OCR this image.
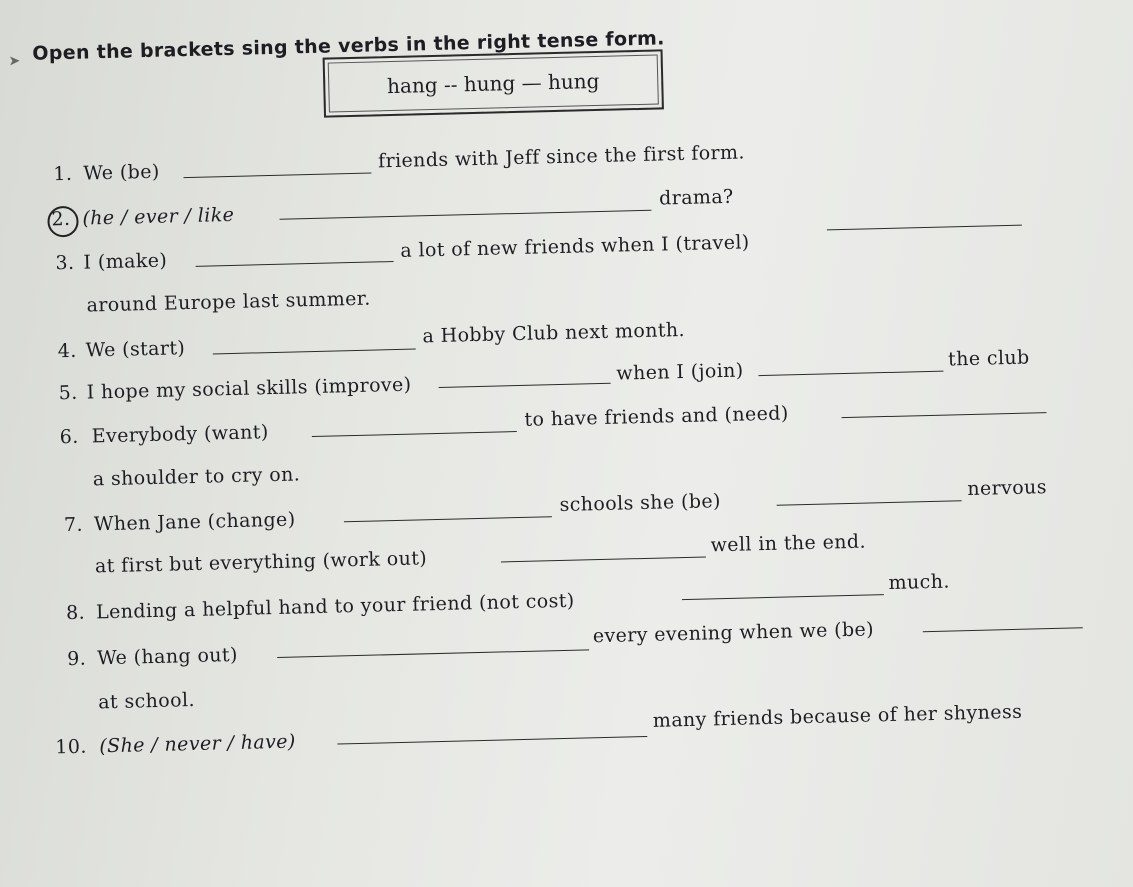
➤ Open the brackets sing the verbs in the right tense form.
hang -- hung — hung
1. We (be)
friends with Jeff since the first form.
2. (he / ever / like
drama?
3. I (make)	a lot of new friends when I (travel)
around Europe last summer.
4. We (start)
a Hobby Club next month.
5. I hope my social skills (improve)
when I (join)
the club
6. Everybody (want)
to have friends and (need)
a shoulder to cry on.
7. When Jane (change)
schools she (be)
nervous
at first but everything (work out)
well in the end.
8. Lending a helpful hand to your friend (not cost)
much.
9. We (hang out)
every evening when we (be)
at school.
10. (She / never / have)
many friends because of her shyness
